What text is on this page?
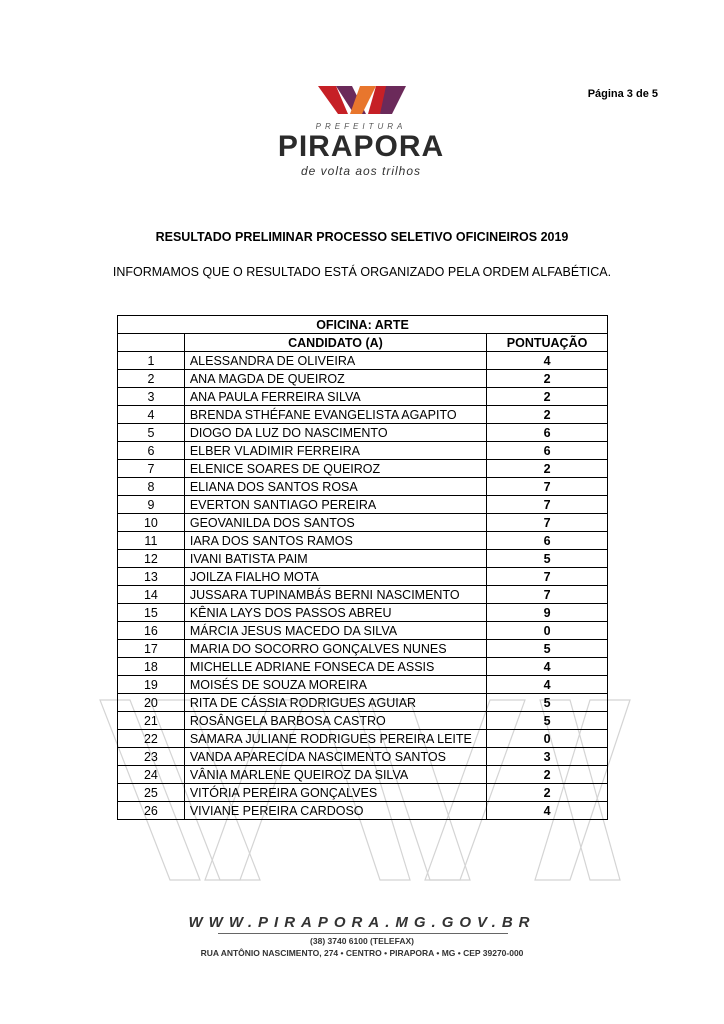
Página 3 de 5
PREFEITURA
PIRAPORA
de volta aos trilhos
RESULTADO PRELIMINAR PROCESSO SELETIVO OFICINEIROS 2019
INFORMAMOS QUE O RESULTADO ESTÁ ORGANIZADO PELA ORDEM ALFABÉTICA.
OFICINA: ARTE		
	CANDIDATO (A)	PONTUAÇÃO
1	ALESSANDRA DE OLIVEIRA	4
2	ANA MAGDA DE QUEIROZ	2
3	ANA PAULA FERREIRA SILVA	2
4	BRENDA STHÉFANE EVANGELISTA AGAPITO	2
5	DIOGO DA LUZ DO NASCIMENTO	6
6	ELBER VLADIMIR FERREIRA	6
7	ELENICE SOARES DE QUEIROZ	2
8	ELIANA DOS SANTOS ROSA	7
9	EVERTON SANTIAGO PEREIRA	7
10	GEOVANILDA DOS SANTOS	7
11	IARA DOS SANTOS RAMOS	6
12	IVANI BATISTA PAIM	5
13	JOILZA FIALHO MOTA	7
14	JUSSARA TUPINAMBÁS BERNI NASCIMENTO	7
15	KÊNIA LAYS DOS PASSOS ABREU	9
16	MÁRCIA JESUS MACEDO DA SILVA	0
17	MARIA DO SOCORRO GONÇALVES NUNES	5
18	MICHELLE ADRIANE FONSECA DE ASSIS	4
19	MOISÉS DE SOUZA MOREIRA	4
20	RITA DE CÁSSIA RODRIGUES AGUIAR	5
21	ROSÂNGELA BARBOSA CASTRO	5
22	SAMARA JULIANE RODRIGUES PEREIRA LEITE	0
23	VANDA APARECIDA NASCIMENTO SANTOS	3
24	VÂNIA MARLENE QUEIROZ DA SILVA	2
25	VITÓRIA PEREIRA GONÇALVES	2
26	VIVIANE PEREIRA CARDOSO	4
WWW.PIRAPORA.MG.GOV.BR
(38) 3740 6100 (TELEFAX)
RUA ANTÔNIO NASCIMENTO, 274 • CENTRO • PIRAPORA • MG • CEP 39270-000
